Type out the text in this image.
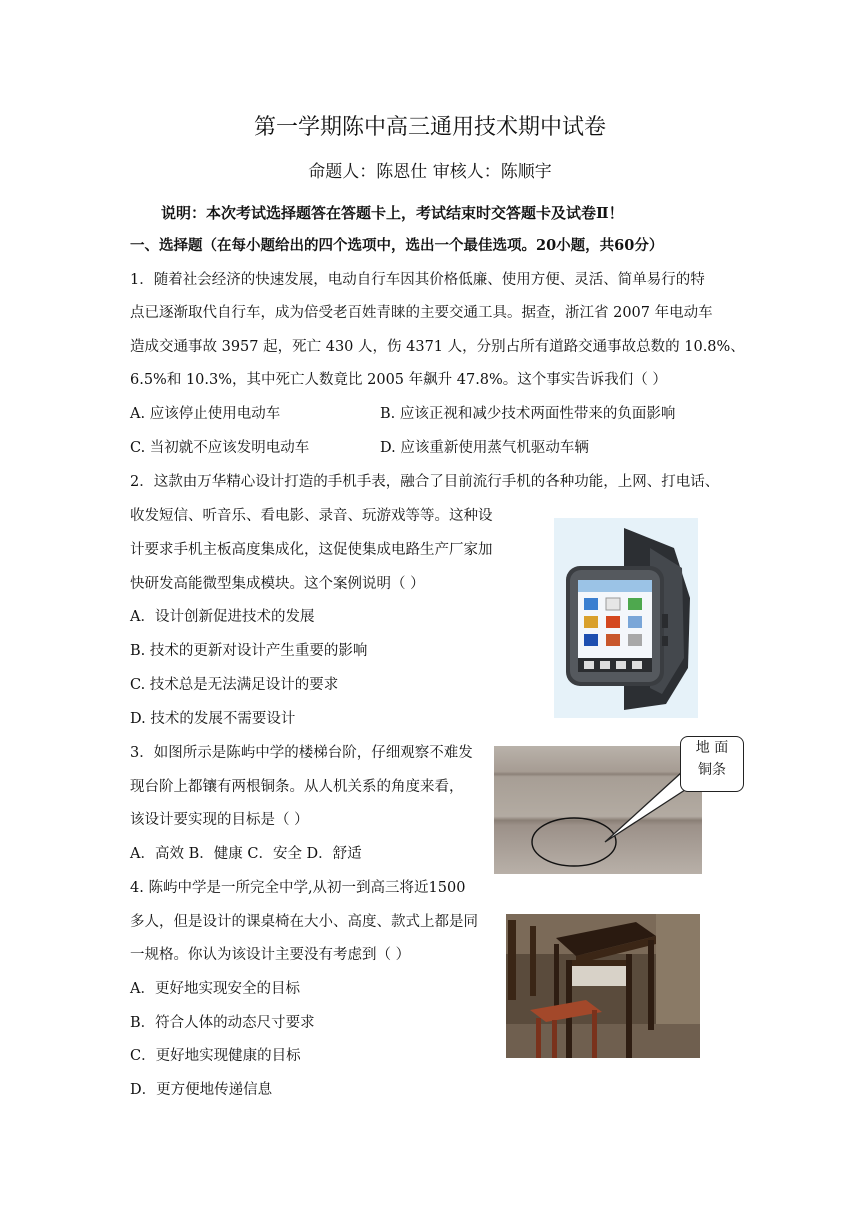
第一学期陈中高三通用技术期中试卷
命题人：陈恩仕 审核人：陈顺宇
说明：本次考试选择题答在答题卡上，考试结束时交答题卡及试卷Ⅱ！
一、选择题（在每小题给出的四个选项中，选出一个最佳选项。20小题，共60分）
1．随着社会经济的快速发展，电动自行车因其价格低廉、使用方便、灵活、简单易行的特
点已逐渐取代自行车，成为倍受老百姓青睐的主要交通工具。据查，浙江省 2007 年电动车
造成交通事故 3957 起，死亡 430 人，伤 4371 人，分别占所有道路交通事故总数的 10.8%、
6.5%和 10.3%，其中死亡人数竟比 2005 年飙升 47.8%。这个事实告诉我们（ ）
A. 应该停止使用电动车	B. 应该正视和减少技术两面性带来的负面影响
C. 当初就不应该发明电动车	D. 应该重新使用蒸气机驱动车辆
2．这款由万华精心设计打造的手机手表，融合了目前流行手机的各种功能，上网、打电话、
收发短信、听音乐、看电影、录音、玩游戏等等。这种设
计要求手机主板高度集成化，这促使集成电路生产厂家加
快研发高能微型集成模块。这个案例说明（ ）
A．设计创新促进技术的发展
B. 技术的更新对设计产生重要的影响
C. 技术总是无法满足设计的要求
D. 技术的发展不需要设计
3．如图所示是陈屿中学的楼梯台阶，仔细观察不难发
现台阶上都镶有两根铜条。从人机关系的角度来看，
该设计要实现的目标是（ ）
A．高效 B．健康 C．安全 D．舒适
地 面
铜条
4. 陈屿中学是一所完全中学,从初一到高三将近1500
多人，但是设计的课桌椅在大小、高度、款式上都是同
一规格。你认为该设计主要没有考虑到（ ）
A．更好地实现安全的目标
B．符合人体的动态尺寸要求
C．更好地实现健康的目标
D．更方便地传递信息
